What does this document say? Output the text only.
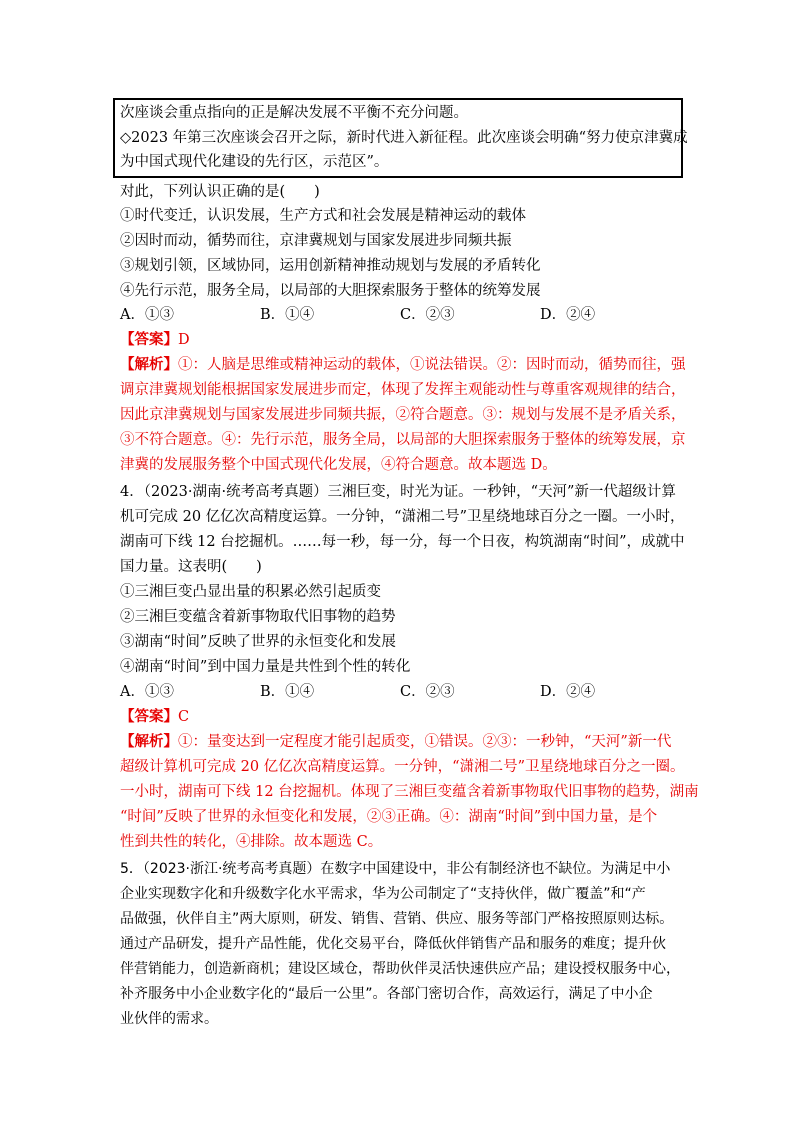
次座谈会重点指向的正是解决发展不平衡不充分问题。
◇2023 年第三次座谈会召开之际，新时代进入新征程。此次座谈会明确“努力使京津冀成
为中国式现代化建设的先行区，示范区”。
对此，下列认识正确的是(　　)
①时代变迁，认识发展，生产方式和社会发展是精神运动的载体
②因时而动，循势而往，京津冀规划与国家发展进步同频共振
③规划引领，区域协同，运用创新精神推动规划与发展的矛盾转化
④先行示范，服务全局，以局部的大胆探索服务于整体的统筹发展
A．①③	B．①④	C．②③	D．②④
【答案】D
【解析】①：人脑是思维或精神运动的载体，①说法错误。②：因时而动，循势而往，强
调京津冀规划能根据国家发展进步而定，体现了发挥主观能动性与尊重客观规律的结合，
因此京津冀规划与国家发展进步同频共振，②符合题意。③：规划与发展不是矛盾关系，
③不符合题意。④：先行示范，服务全局，以局部的大胆探索服务于整体的统筹发展，京
津冀的发展服务整个中国式现代化发展，④符合题意。故本题选 D。
4．（2023·湖南·统考高考真题）三湘巨变，时光为证。一秒钟，“天河”新一代超级计算
机可完成 20 亿亿次高精度运算。一分钟，“潇湘二号”卫星绕地球百分之一圈。一小时，
湖南可下线 12 台挖掘机。……每一秒，每一分，每一个日夜，构筑湖南“时间”，成就中
国力量。这表明(　　)
①三湘巨变凸显出量的积累必然引起质变
②三湘巨变蕴含着新事物取代旧事物的趋势
③湖南“时间”反映了世界的永恒变化和发展
④湖南“时间”到中国力量是共性到个性的转化
A．①③	B．①④	C．②③	D．②④
【答案】C
【解析】①：量变达到一定程度才能引起质变，①错误。②③：一秒钟，“天河”新一代
超级计算机可完成 20 亿亿次高精度运算。一分钟，“潇湘二号”卫星绕地球百分之一圈。
一小时，湖南可下线 12 台挖掘机。体现了三湘巨变蕴含着新事物取代旧事物的趋势，湖南
“时间”反映了世界的永恒变化和发展，②③正确。④：湖南“时间”到中国力量，是个
性到共性的转化，④排除。故本题选 C。
5．（2023·浙江·统考高考真题）在数字中国建设中，非公有制经济也不缺位。为满足中小
企业实现数字化和升级数字化水平需求，华为公司制定了“支持伙伴，做广覆盖”和“产
品做强，伙伴自主”两大原则，研发、销售、营销、供应、服务等部门严格按照原则达标。
通过产品研发，提升产品性能，优化交易平台，降低伙伴销售产品和服务的难度；提升伙
伴营销能力，创造新商机；建设区域仓，帮助伙伴灵活快速供应产品；建设授权服务中心，
补齐服务中小企业数字化的“最后一公里”。各部门密切合作，高效运行，满足了中小企
业伙伴的需求。
